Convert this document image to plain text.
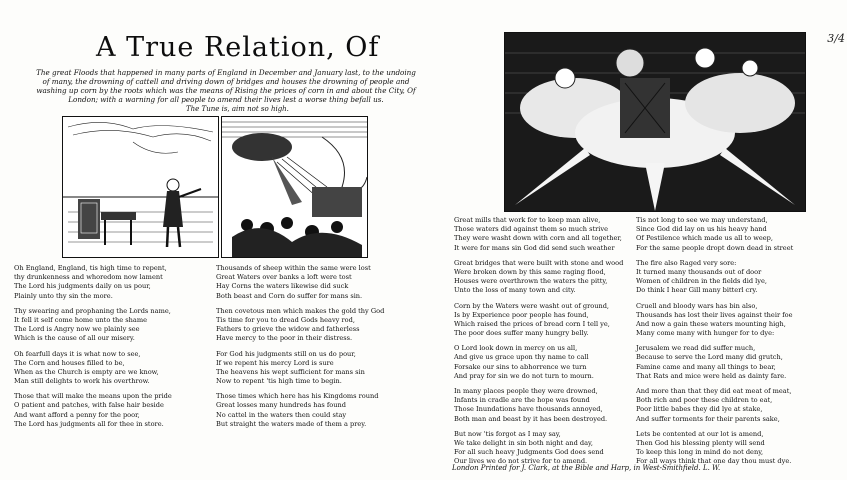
3/4
A True Relation, Of
The great Floods that happened in many parts of England in December and January last, to the undoing of many, the drowning of cattell and driving down of bridges and houses the drowning of people and washing up corn by the roots which was the means of Rising the prices of corn in and about the City, Of London; with a warning for all people to amend their lives lest a worse thing befall us.
The Tune is, aim not so high.
Oh England, England, tis high time to repent,
thy drunkenness and whoredom now lament
The Lord his judgments daily on us pour,
Plainly unto thy sin the more.
Thy swearing and prophaning the Lords name,
It fell it self come home unto the shame
The Lord is Angry now we plainly see
Which is the cause of all our misery.
Oh fearfull days it is what now to see,
The Corn and houses filled to be,
When as the Church is empty are we know,
Man still delights to work his overthrow.
Those that will make the means upon the pride
O patient and patches, with false hair beside
And want afford a penny for the poor,
The Lord has judgments all for thee in store.
Thousands of sheep within the same were lost
Great Waters over banks a loft were tost
Hay Corns the waters likewise did suck
Both beast and Corn do suffer for mans sin.
Then covetous men which makes the gold thy God
Tis time for you to dread Gods heavy rod,
Fathers to grieve the widow and fatherless
Have mercy to the poor in their distress.
For God his judgments still on us do pour,
If we repent his mercy Lord is sure
The heavens his wept sufficient for mans sin
Now to repent 'tis high time to begin.
Those times which here has his Kingdoms round
Great losses many hundreds has found
No cattel in the waters then could stay
But straight the waters made of them a prey.
Great mills that work for to keep man alive,
Those waters did against them so much strive
They were washt down with corn and all together,
It were for mans sin God did send such weather
Great bridges that were built with stone and wood
Were broken down by this same raging flood,
Houses were overthrown the waters the pitty,
Unto the loss of many town and city.
Corn by the Waters were washt out of ground,
Is by Experience poor people has found,
Which raised the prices of bread corn I tell ye,
The poor does suffer many hungry belly.
O Lord look down in mercy on us all,
And give us grace upon thy name to call
Forsake our sins to abhorrence we turn
And pray for sin we do not turn to mourn.
In many places people they were drowned,
Infants in cradle are the hope was found
Those Inundations have thousands annoyed,
Both man and beast by it has been destroyed.
But now 'tis forgot as I may say,
We take delight in sin both night and day,
For all such heavy Judgments God does send
Our lives we do not strive for to amend.
Tis not long to see we may understand,
Since God did lay on us his heavy hand
Of Pestilence which made us all to weep,
For the same people dropt down dead in street
The fire also Raged very sore:
It turned many thousands out of door
Women of children in the fields did lye,
Do think I hear Gill many bitterl cry.
Cruell and bloody wars has bin also,
Thousands has lost their lives against their foe
And now a gain these waters mounting high,
Many come many with hunger for to dye:
Jerusalem we read did suffer much,
Because to serve the Lord many did grutch,
Famine came and many all things to bear,
That Rats and mice were held as dainty fare.
And more than that they did eat meat of meat,
Both rich and poor these children to eat,
Poor little babes they did lye at stake,
And suffer torments for their parents sake,
Lets be contented at our lot is amend,
Then God his blessing plenty will send
To keep this long in mind do not deny,
For all ways think that one day thou must dye.
London Printed for J. Clark, at the Bible and Harp, in West-Smithfield. L. W.
